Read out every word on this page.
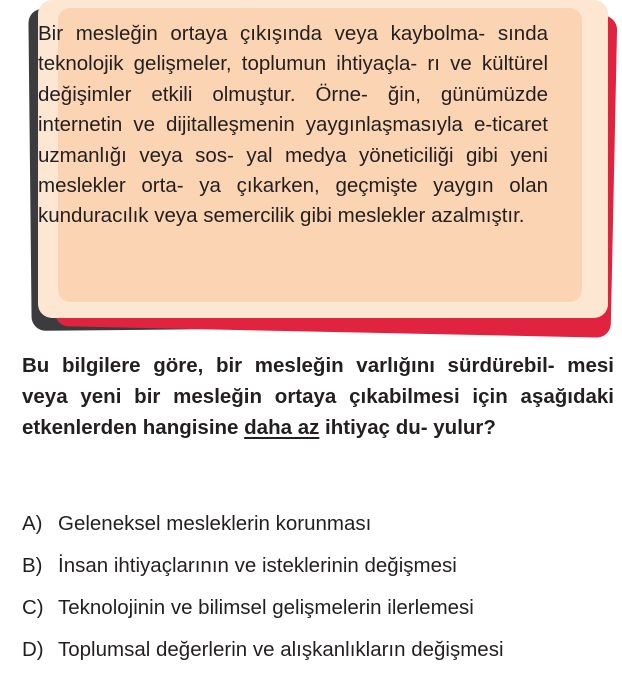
Bir mesleğin ortaya çıkışında veya kaybolma- sında teknolojik gelişmeler, toplumun ihtiyaçla- rı ve kültürel değişimler etkili olmuştur. Örne- ğin, günümüzde internetin ve dijitalleşmenin yaygınlaşmasıyla e-ticaret uzmanlığı veya sos- yal medya yöneticiliği gibi yeni meslekler orta- ya çıkarken, geçmişte yaygın olan kunduracılık veya semercilik gibi meslekler azalmıştır.

Bu bilgilere göre, bir mesleğin varlığını sürdürebil- mesi veya yeni bir mesleğin ortaya çıkabilmesi için aşağıdaki etkenlerden hangisine daha az ihtiyaç du- yulur?

A) Geleneksel mesleklerin korunması
B) İnsan ihtiyaçlarının ve isteklerinin değişmesi
C) Teknolojinin ve bilimsel gelişmelerin ilerlemesi
D) Toplumsal değerlerin ve alışkanlıkların değişmesi
